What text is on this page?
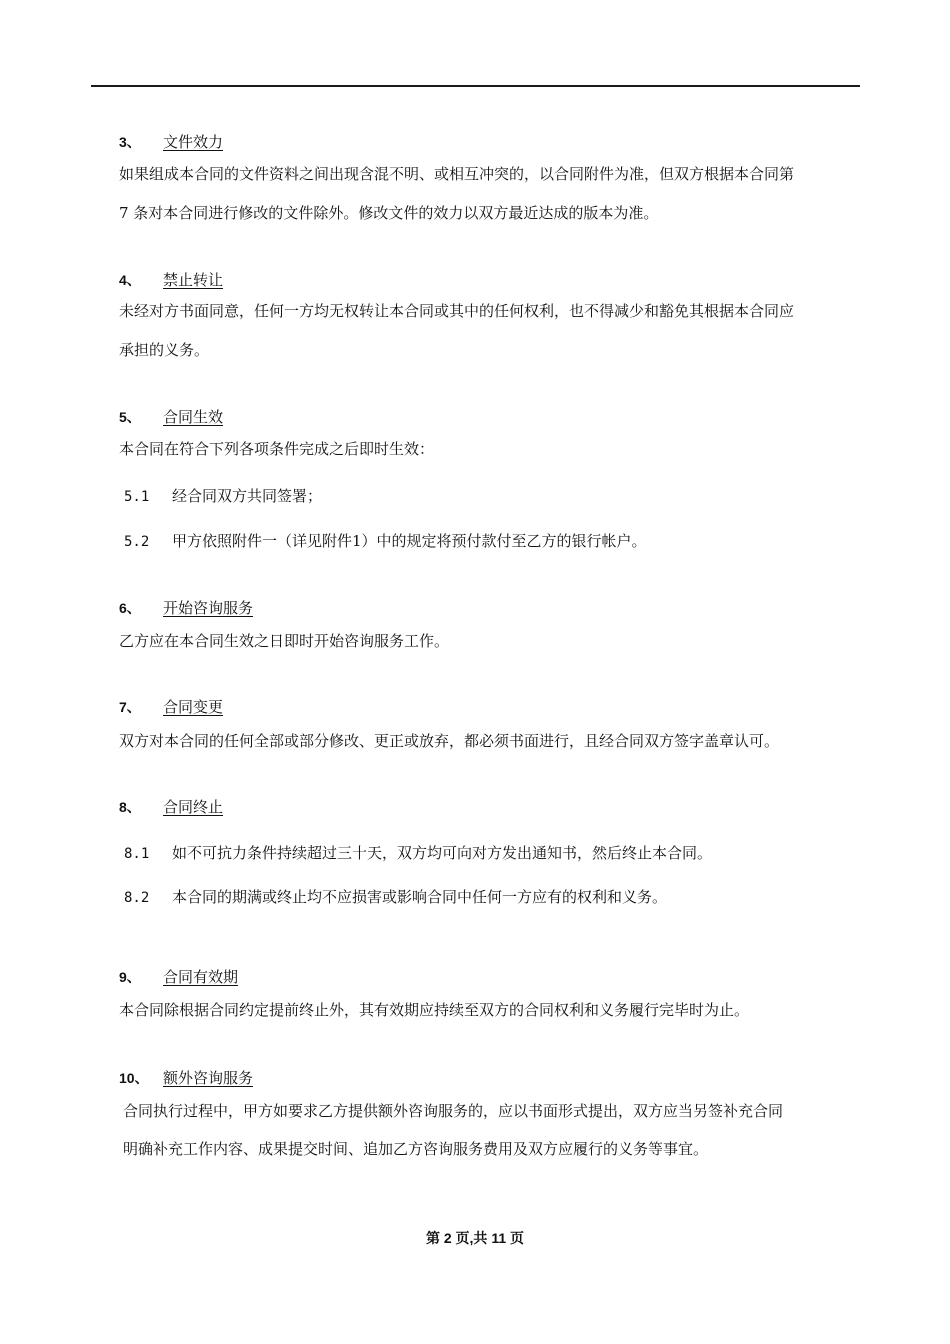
3、 文件效力
如果组成本合同的文件资料之间出现含混不明、或相互冲突的，以合同附件为准，但双方根据本合同第
7 条对本合同进行修改的文件除外。修改文件的效力以双方最近达成的版本为准。
4、 禁止转让
未经对方书面同意，任何一方均无权转让本合同或其中的任何权利，也不得减少和豁免其根据本合同应
承担的义务。
5、 合同生效
本合同在符合下列各项条件完成之后即时生效：
5.1 经合同双方共同签署；
5.2 甲方依照附件一（详见附件1）中的规定将预付款付至乙方的银行帐户。
6、 开始咨询服务
乙方应在本合同生效之日即时开始咨询服务工作。
7、 合同变更
双方对本合同的任何全部或部分修改、更正或放弃，都必须书面进行，且经合同双方签字盖章认可。
8、 合同终止
8.1 如不可抗力条件持续超过三十天，双方均可向对方发出通知书，然后终止本合同。
8.2 本合同的期满或终止均不应损害或影响合同中任何一方应有的权利和义务。
9、 合同有效期
本合同除根据合同约定提前终止外，其有效期应持续至双方的合同权利和义务履行完毕时为止。
10、 额外咨询服务
合同执行过程中，甲方如要求乙方提供额外咨询服务的，应以书面形式提出，双方应当另签补充合同
明确补充工作内容、成果提交时间、追加乙方咨询服务费用及双方应履行的义务等事宜。
第 2 页,共 11 页
